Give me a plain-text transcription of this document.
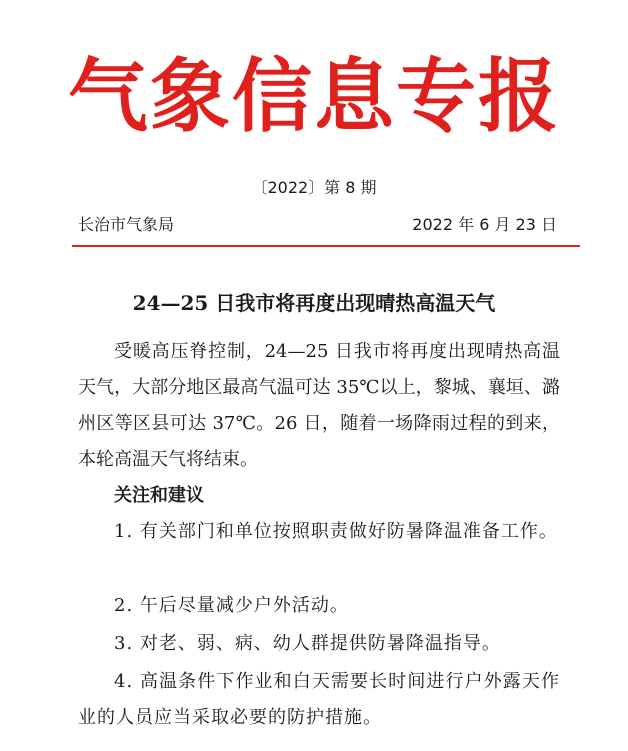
气象信息专报
〔2022〕第 8 期
长治市气象局	2022 年 6 月 23 日
24—25 日我市将再度出现晴热高温天气

受暖高压脊控制，24—25 日我市将再度出现晴热高温天气，大部分地区最高气温可达 35℃以上，黎城、襄垣、潞州区等区县可达 37℃。26 日，随着一场降雨过程的到来，本轮高温天气将结束。

关注和建议

1. 有关部门和单位按照职责做好防暑降温准备工作。
2. 午后尽量减少户外活动。
3. 对老、弱、病、幼人群提供防暑降温指导。
4. 高温条件下作业和白天需要长时间进行户外露天作业的人员应当采取必要的防护措施。
